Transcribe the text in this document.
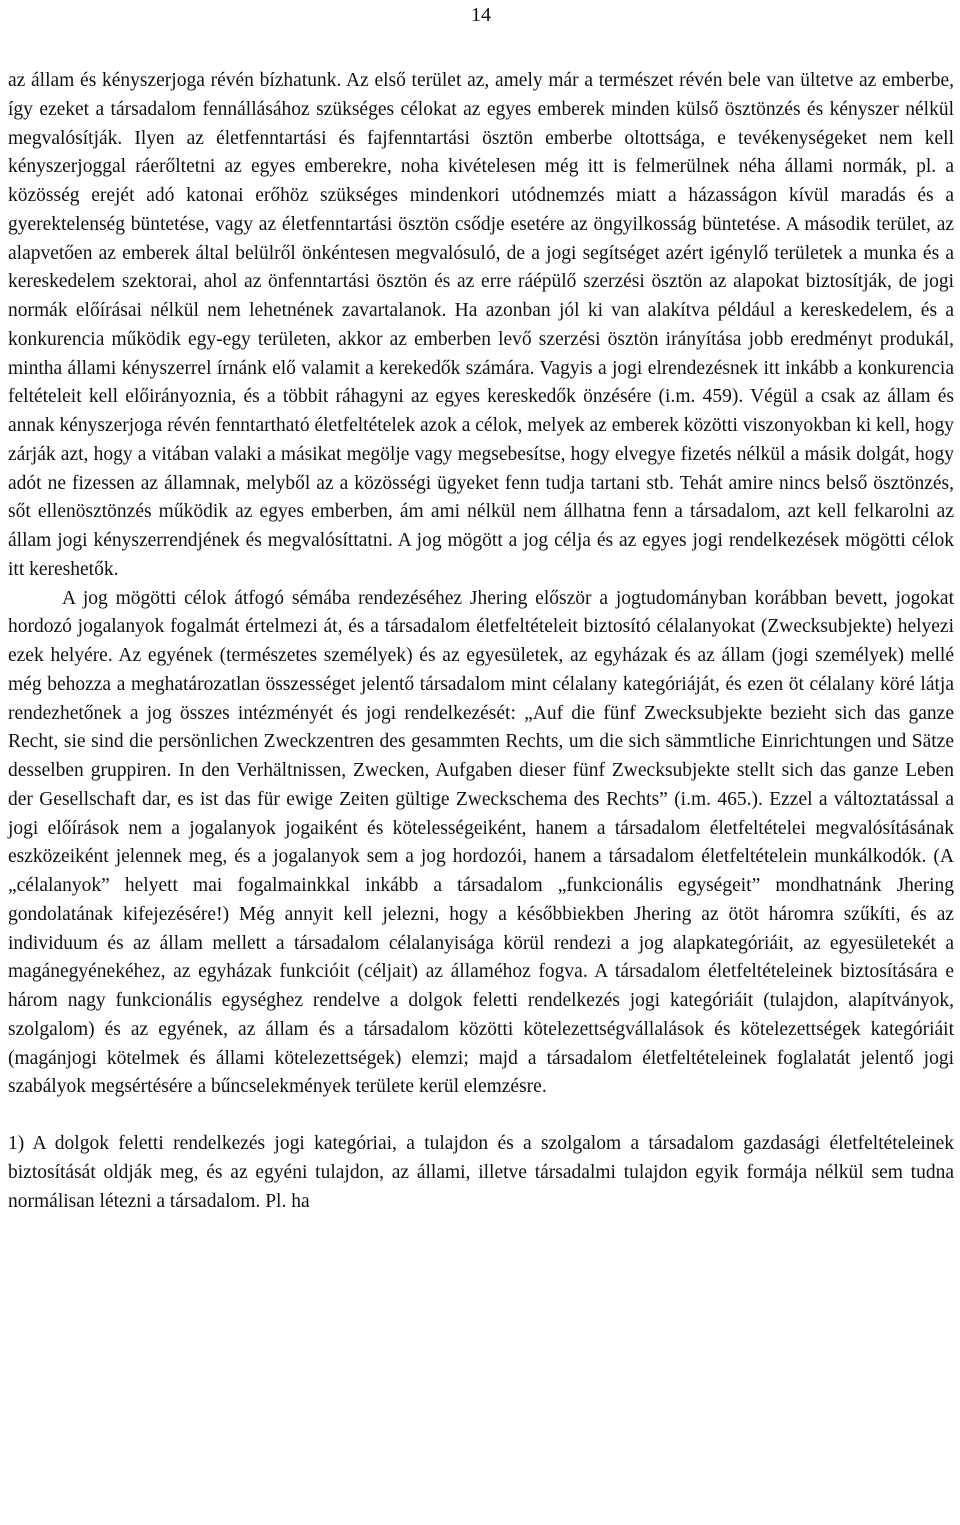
14

az állam és kényszerjoga révén bízhatunk. Az első terület az, amely már a természet révén bele van ültetve az emberbe, így ezeket a társadalom fennállásához szükséges célokat az egyes emberek minden külső ösztönzés és kényszer nélkül megvalósítják. Ilyen az életfenntartási és fajfenntartási ösztön emberbe oltottsága, e tevékenységeket nem kell kényszerjoggal ráerőltetni az egyes emberekre, noha kivételesen még itt is felmerülnek néha állami normák, pl. a közösség erejét adó katonai erőhöz szükséges mindenkori utódnemzés miatt a házasságon kívül maradás és a gyerektelenség büntetése, vagy az életfenntartási ösztön csődje esetére az öngyilkosság büntetése. A második terület, az alapvetően az emberek által belülről önkéntesen megvalósuló, de a jogi segítséget azért igénylő területek a munka és a kereskedelem szektorai, ahol az önfenntartási ösztön és az erre ráépülő szerzési ösztön az alapokat biztosítják, de jogi normák előírásai nélkül nem lehetnének zavartalanok. Ha azonban jól ki van alakítva például a kereskedelem, és a konkurencia működik egy-egy területen, akkor az emberben levő szerzési ösztön irányítása jobb eredményt produkál, mintha állami kényszerrel írnánk elő valamit a kerekedők számára. Vagyis a jogi elrendezésnek itt inkább a konkurencia feltételeit kell előirányoznia, és a többit ráhagyni az egyes kereskedők önzésére (i.m. 459). Végül a csak az állam és annak kényszerjoga révén fenntartható életfeltételek azok a célok, melyek az emberek közötti viszonyokban ki kell, hogy zárják azt, hogy a vitában valaki a másikat megölje vagy megsebesítse, hogy elvegye fizetés nélkül a másik dolgát, hogy adót ne fizessen az államnak, melyből az a közösségi ügyeket fenn tudja tartani stb. Tehát amire nincs belső ösztönzés, sőt ellenösztönzés működik az egyes emberben, ám ami nélkül nem állhatna fenn a társadalom, azt kell felkarolni az állam jogi kényszerrendjének és megvalósíttatni. A jog mögött a jog célja és az egyes jogi rendelkezések mögötti célok itt kereshetők.

A jog mögötti célok átfogó sémába rendezéséhez Jhering először a jogtudományban korábban bevett, jogokat hordozó jogalanyok fogalmát értelmezi át, és a társadalom életfeltételeit biztosító célalanyokat (Zwecksubjekte) helyezi ezek helyére. Az egyének (természetes személyek) és az egyesületek, az egyházak és az állam (jogi személyek) mellé még behozza a meghatározatlan összességet jelentő társadalom mint célalany kategóriáját, és ezen öt célalany köré látja rendezhetőnek a jog összes intézményét és jogi rendelkezését: „Auf die fünf Zwecksubjekte bezieht sich das ganze Recht, sie sind die persönlichen Zweckzentren des gesammten Rechts, um die sich sämmtliche Einrichtungen und Sätze desselben gruppiren. In den Verhältnissen, Zwecken, Aufgaben dieser fünf Zwecksubjekte stellt sich das ganze Leben der Gesellschaft dar, es ist das für ewige Zeiten gültige Zweckschema des Rechts” (i.m. 465.). Ezzel a változtatással a jogi előírások nem a jogalanyok jogaiként és kötelességeiként, hanem a társadalom életfeltételei megvalósításának eszközeiként jelennek meg, és a jogalanyok sem a jog hordozói, hanem a társadalom életfeltételein munkálkodók. (A „célalanyok” helyett mai fogalmainkkal inkább a társadalom „funkcionális egységeit” mondhatnánk Jhering gondolatának kifejezésére!) Még annyit kell jelezni, hogy a későbbiekben Jhering az ötöt háromra szűkíti, és az individuum és az állam mellett a társadalom célalanyisága körül rendezi a jog alapkategóriáit, az egyesületekét a magánegyénekéhez, az egyházak funkcióit (céljait) az államéhoz fogva. A társadalom életfeltételeinek biztosítására e három nagy funkcionális egységhez rendelve a dolgok feletti rendelkezés jogi kategóriáit (tulajdon, alapítványok, szolgalom) és az egyének, az állam és a társadalom közötti kötelezettségvállalások és kötelezettségek kategóriáit (magánjogi kötelmek és állami kötelezettségek) elemzi; majd a társadalom életfeltételeinek foglalatát jelentő jogi szabályok megsértésére a bűncselekmények területe kerül elemzésre.

1) A dolgok feletti rendelkezés jogi kategóriai, a tulajdon és a szolgalom a társadalom gazdasági életfeltételeinek biztosítását oldják meg, és az egyéni tulajdon, az állami, illetve társadalmi tulajdon egyik formája nélkül sem tudna normálisan létezni a társadalom. Pl. ha
